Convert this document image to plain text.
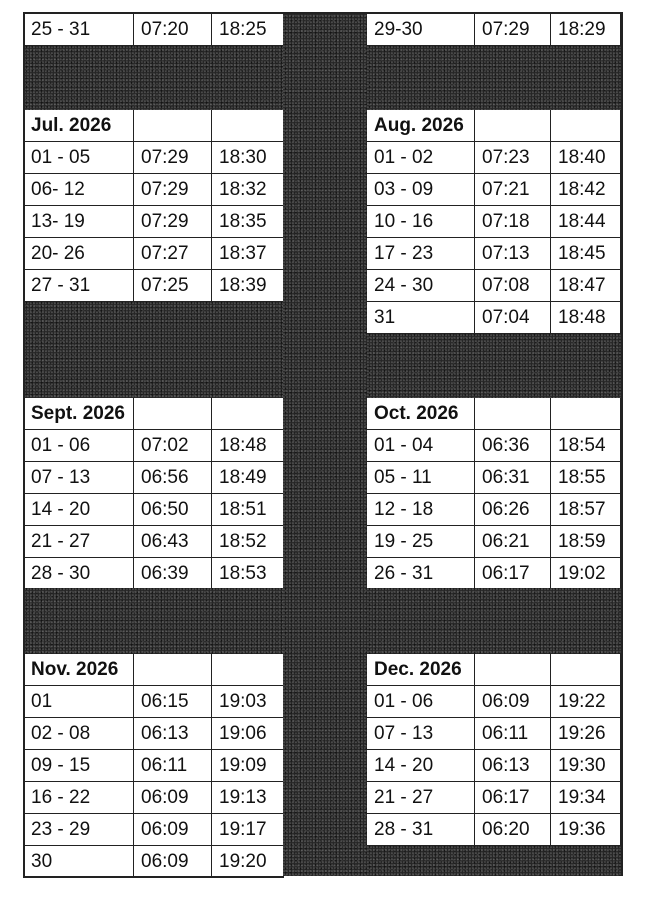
25 - 31	07:20	18:25
Jul. 2026
01 - 05	07:29	18:30
06- 12	07:29	18:32
13- 19	07:29	18:35
20- 26	07:27	18:37
27 - 31	07:25	18:39
Sept. 2026
01 - 06	07:02	18:48
07 - 13	06:56	18:49
14 - 20	06:50	18:51
21 - 27	06:43	18:52
28 - 30	06:39	18:53
Nov. 2026
01	06:15	19:03
02 - 08	06:13	19:06
09 - 15	06:11	19:09
16 - 22	06:09	19:13
23 - 29	06:09	19:17
30	06:09	19:20
29-30	07:29	18:29
Aug. 2026
01 - 02	07:23	18:40
03 - 09	07:21	18:42
10 - 16	07:18	18:44
17 - 23	07:13	18:45
24 - 30	07:08	18:47
31	07:04	18:48
Oct. 2026
01 - 04	06:36	18:54
05 - 11	06:31	18:55
12 - 18	06:26	18:57
19 - 25	06:21	18:59
26 - 31	06:17	19:02
Dec. 2026
01 - 06	06:09	19:22
07 - 13	06:11	19:26
14 - 20	06:13	19:30
21 - 27	06:17	19:34
28 - 31	06:20	19:36
